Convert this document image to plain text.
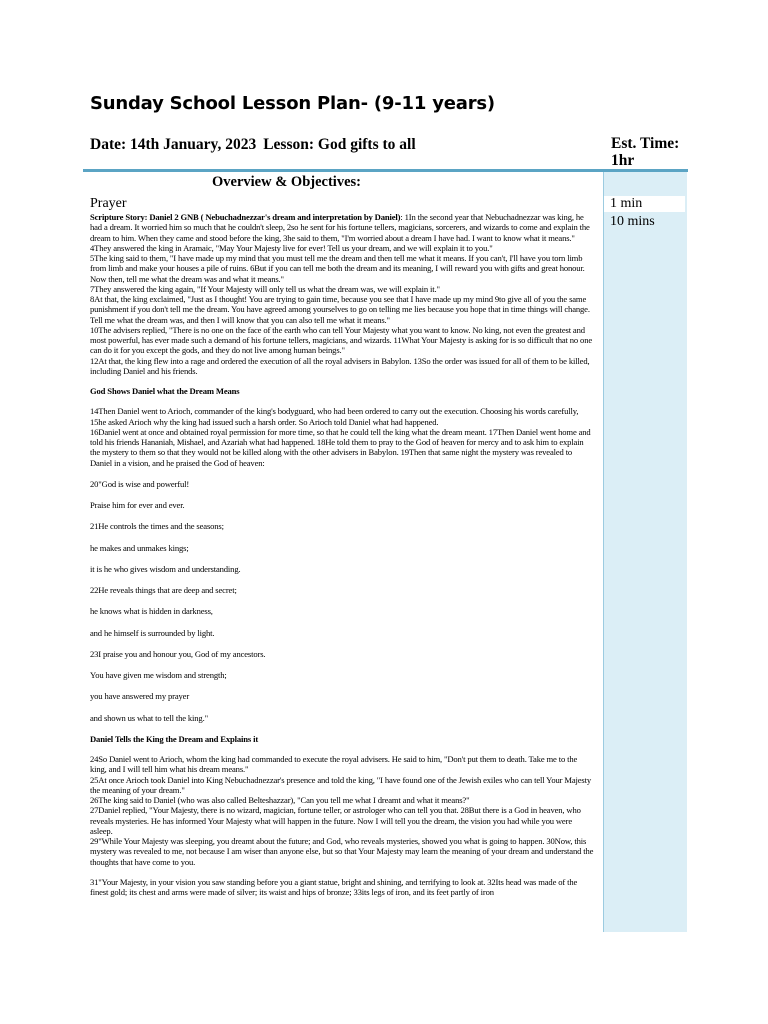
Sunday School Lesson Plan- (9-11 years)
Date: 14th January, 2023 Lesson: God gifts to all	Est. Time:
1hr
1 min
10 mins
Overview & Objectives:
Prayer

Scripture Story: Daniel 2 GNB ( Nebuchadnezzar's dream and interpretation by Daniel): 1In the second year that Nebuchadnezzar was king, he had a dream. It worried him so much that he couldn't sleep, 2so he sent for his fortune tellers, magicians, sorcerers, and wizards to come and explain the dream to him. When they came and stood before the king, 3he said to them, "I'm worried about a dream I have had. I want to know what it means."

4They answered the king in Aramaic, "May Your Majesty live for ever! Tell us your dream, and we will explain it to you."

5The king said to them, "I have made up my mind that you must tell me the dream and then tell me what it means. If you can't, I'll have you torn limb from limb and make your houses a pile of ruins. 6But if you can tell me both the dream and its meaning, I will reward you with gifts and great honour. Now then, tell me what the dream was and what it means."

7They answered the king again, "If Your Majesty will only tell us what the dream was, we will explain it."

8At that, the king exclaimed, "Just as I thought! You are trying to gain time, because you see that I have made up my mind 9to give all of you the same punishment if you don't tell me the dream. You have agreed among yourselves to go on telling me lies because you hope that in time things will change. Tell me what the dream was, and then I will know that you can also tell me what it means."

10The advisers replied, "There is no one on the face of the earth who can tell Your Majesty what you want to know. No king, not even the greatest and most powerful, has ever made such a demand of his fortune tellers, magicians, and wizards. 11What Your Majesty is asking for is so difficult that no one can do it for you except the gods, and they do not live among human beings."

12At that, the king flew into a rage and ordered the execution of all the royal advisers in Babylon. 13So the order was issued for all of them to be killed, including Daniel and his friends.

God Shows Daniel what the Dream Means

14Then Daniel went to Arioch, commander of the king's bodyguard, who had been ordered to carry out the execution. Choosing his words carefully, 15he asked Arioch why the king had issued such a harsh order. So Arioch told Daniel what had happened.

16Daniel went at once and obtained royal permission for more time, so that he could tell the king what the dream meant. 17Then Daniel went home and told his friends Hananiah, Mishael, and Azariah what had happened. 18He told them to pray to the God of heaven for mercy and to ask him to explain the mystery to them so that they would not be killed along with the other advisers in Babylon. 19Then that same night the mystery was revealed to Daniel in a vision, and he praised the God of heaven:

20"God is wise and powerful!

Praise him for ever and ever.

21He controls the times and the seasons;

he makes and unmakes kings;

it is he who gives wisdom and understanding.

22He reveals things that are deep and secret;

he knows what is hidden in darkness,

and he himself is surrounded by light.

23I praise you and honour you, God of my ancestors.

You have given me wisdom and strength;

you have answered my prayer

and shown us what to tell the king."

Daniel Tells the King the Dream and Explains it

24So Daniel went to Arioch, whom the king had commanded to execute the royal advisers. He said to him, "Don't put them to death. Take me to the king, and I will tell him what his dream means."

25At once Arioch took Daniel into King Nebuchadnezzar's presence and told the king, "I have found one of the Jewish exiles who can tell Your Majesty the meaning of your dream."

26The king said to Daniel (who was also called Belteshazzar), "Can you tell me what I dreamt and what it means?"

27Daniel replied, "Your Majesty, there is no wizard, magician, fortune teller, or astrologer who can tell you that. 28But there is a God in heaven, who reveals mysteries. He has informed Your Majesty what will happen in the future. Now I will tell you the dream, the vision you had while you were asleep.

29"While Your Majesty was sleeping, you dreamt about the future; and God, who reveals mysteries, showed you what is going to happen. 30Now, this mystery was revealed to me, not because I am wiser than anyone else, but so that Your Majesty may learn the meaning of your dream and understand the thoughts that have come to you.

31"Your Majesty, in your vision you saw standing before you a giant statue, bright and shining, and terrifying to look at. 32Its head was made of the finest gold; its chest and arms were made of silver; its waist and hips of bronze; 33its legs of iron, and its feet partly of iron
